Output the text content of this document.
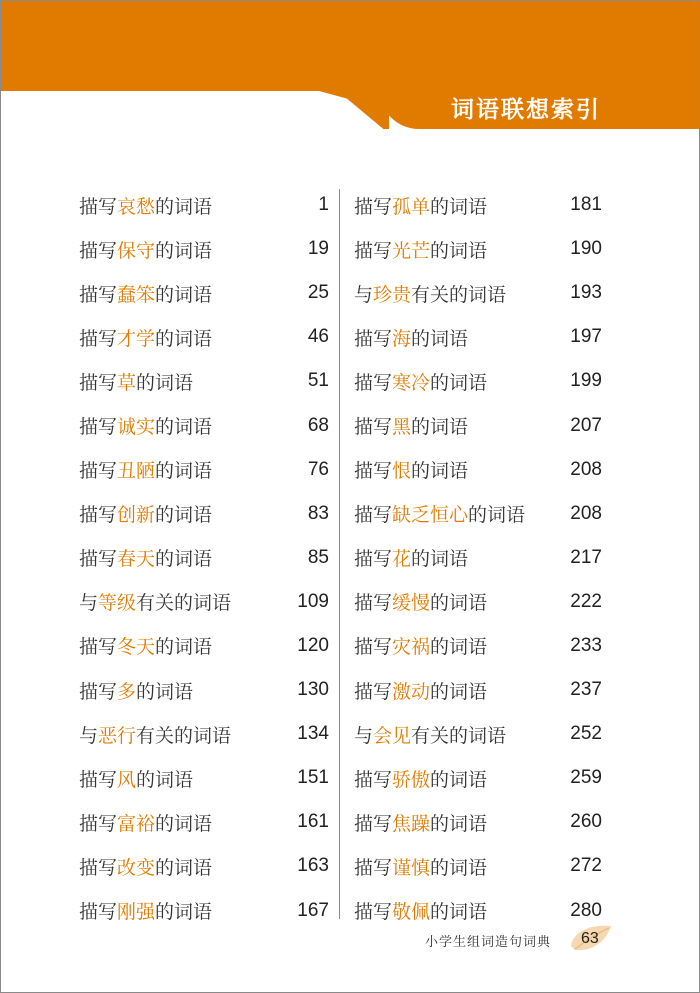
词语联想索引
描写哀愁的词语	1
描写保守的词语	19
描写蠢笨的词语	25
描写才学的词语	46
描写草的词语	51
描写诚实的词语	68
描写丑陋的词语	76
描写创新的词语	83
描写春天的词语	85
与等级有关的词语	109
描写冬天的词语	120
描写多的词语	130
与恶行有关的词语	134
描写风的词语	151
描写富裕的词语	161
描写改变的词语	163
描写刚强的词语	167
描写孤单的词语	181
描写光芒的词语	190
与珍贵有关的词语	193
描写海的词语	197
描写寒冷的词语	199
描写黑的词语	207
描写恨的词语	208
描写缺乏恒心的词语 208
描写花的词语	217
描写缓慢的词语	222
描写灾祸的词语	233
描写激动的词语	237
与会见有关的词语	252
描写骄傲的词语	259
描写焦躁的词语	260
描写谨慎的词语	272
描写敬佩的词语	280
小学生组词造句词典 63
